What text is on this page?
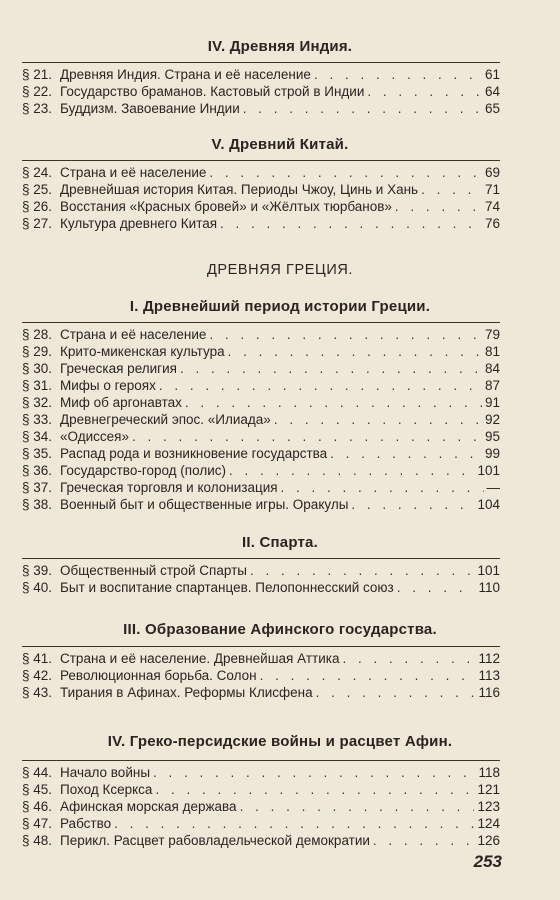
IV. Древняя Индия.
§ 21. Древняя Индия. Страна и её население . . .	61
§ 22. Государство браманов. Кастовый строй в Индии . . .	64
§ 23. Буддизм. Завоевание Индии . . .	65
V. Древний Китай.
§ 24. Страна и её население . . .	69
§ 25. Древнейшая история Китая. Периоды Чжоу, Цинь и Хань . . .	71
§ 26. Восстания «Красных бровей» и «Жёлтых тюрбанов» . . .	74
§ 27. Культура древнего Китая . . .	76
ДРЕВНЯЯ ГРЕЦИЯ.
I. Древнейший период истории Греции.
§ 28. Страна и её население . . .	79
§ 29. Крито-микенская культура . . .	81
§ 30. Греческая религия . . .	84
§ 31. Мифы о героях . . .	87
§ 32. Миф об аргонавтах . . .	91
§ 33. Древнегреческий эпос. «Илиада» . . .	92
§ 34. «Одиссея» . . .	95
§ 35. Распад рода и возникновение государства . . .	99
§ 36. Государство-город (полис) . . .	101
§ 37. Греческая торговля и колонизация . . .	—
§ 38. Военный быт и общественные игры. Оракулы . . .	104
II. Спарта.
§ 39. Общественный строй Спарты . . .	101
§ 40. Быт и воспитание спартанцев. Пелопоннесский союз . . .	110
III. Образование Афинского государства.
§ 41. Страна и её население. Древнейшая Аттика . . .	112
§ 42. Революционная борьба. Солон . . .	113
§ 43. Тирания в Афинах. Реформы Клисфена . . .	116
IV. Греко-персидские войны и расцвет Афин.
§ 44. Начало войны . . .	118
§ 45. Поход Ксеркса . . .	121
§ 46. Афинская морская держава . . .	123
§ 47. Рабство . . .	124
§ 48. Перикл. Расцвет рабовладельческой демократии . . .	126
253
